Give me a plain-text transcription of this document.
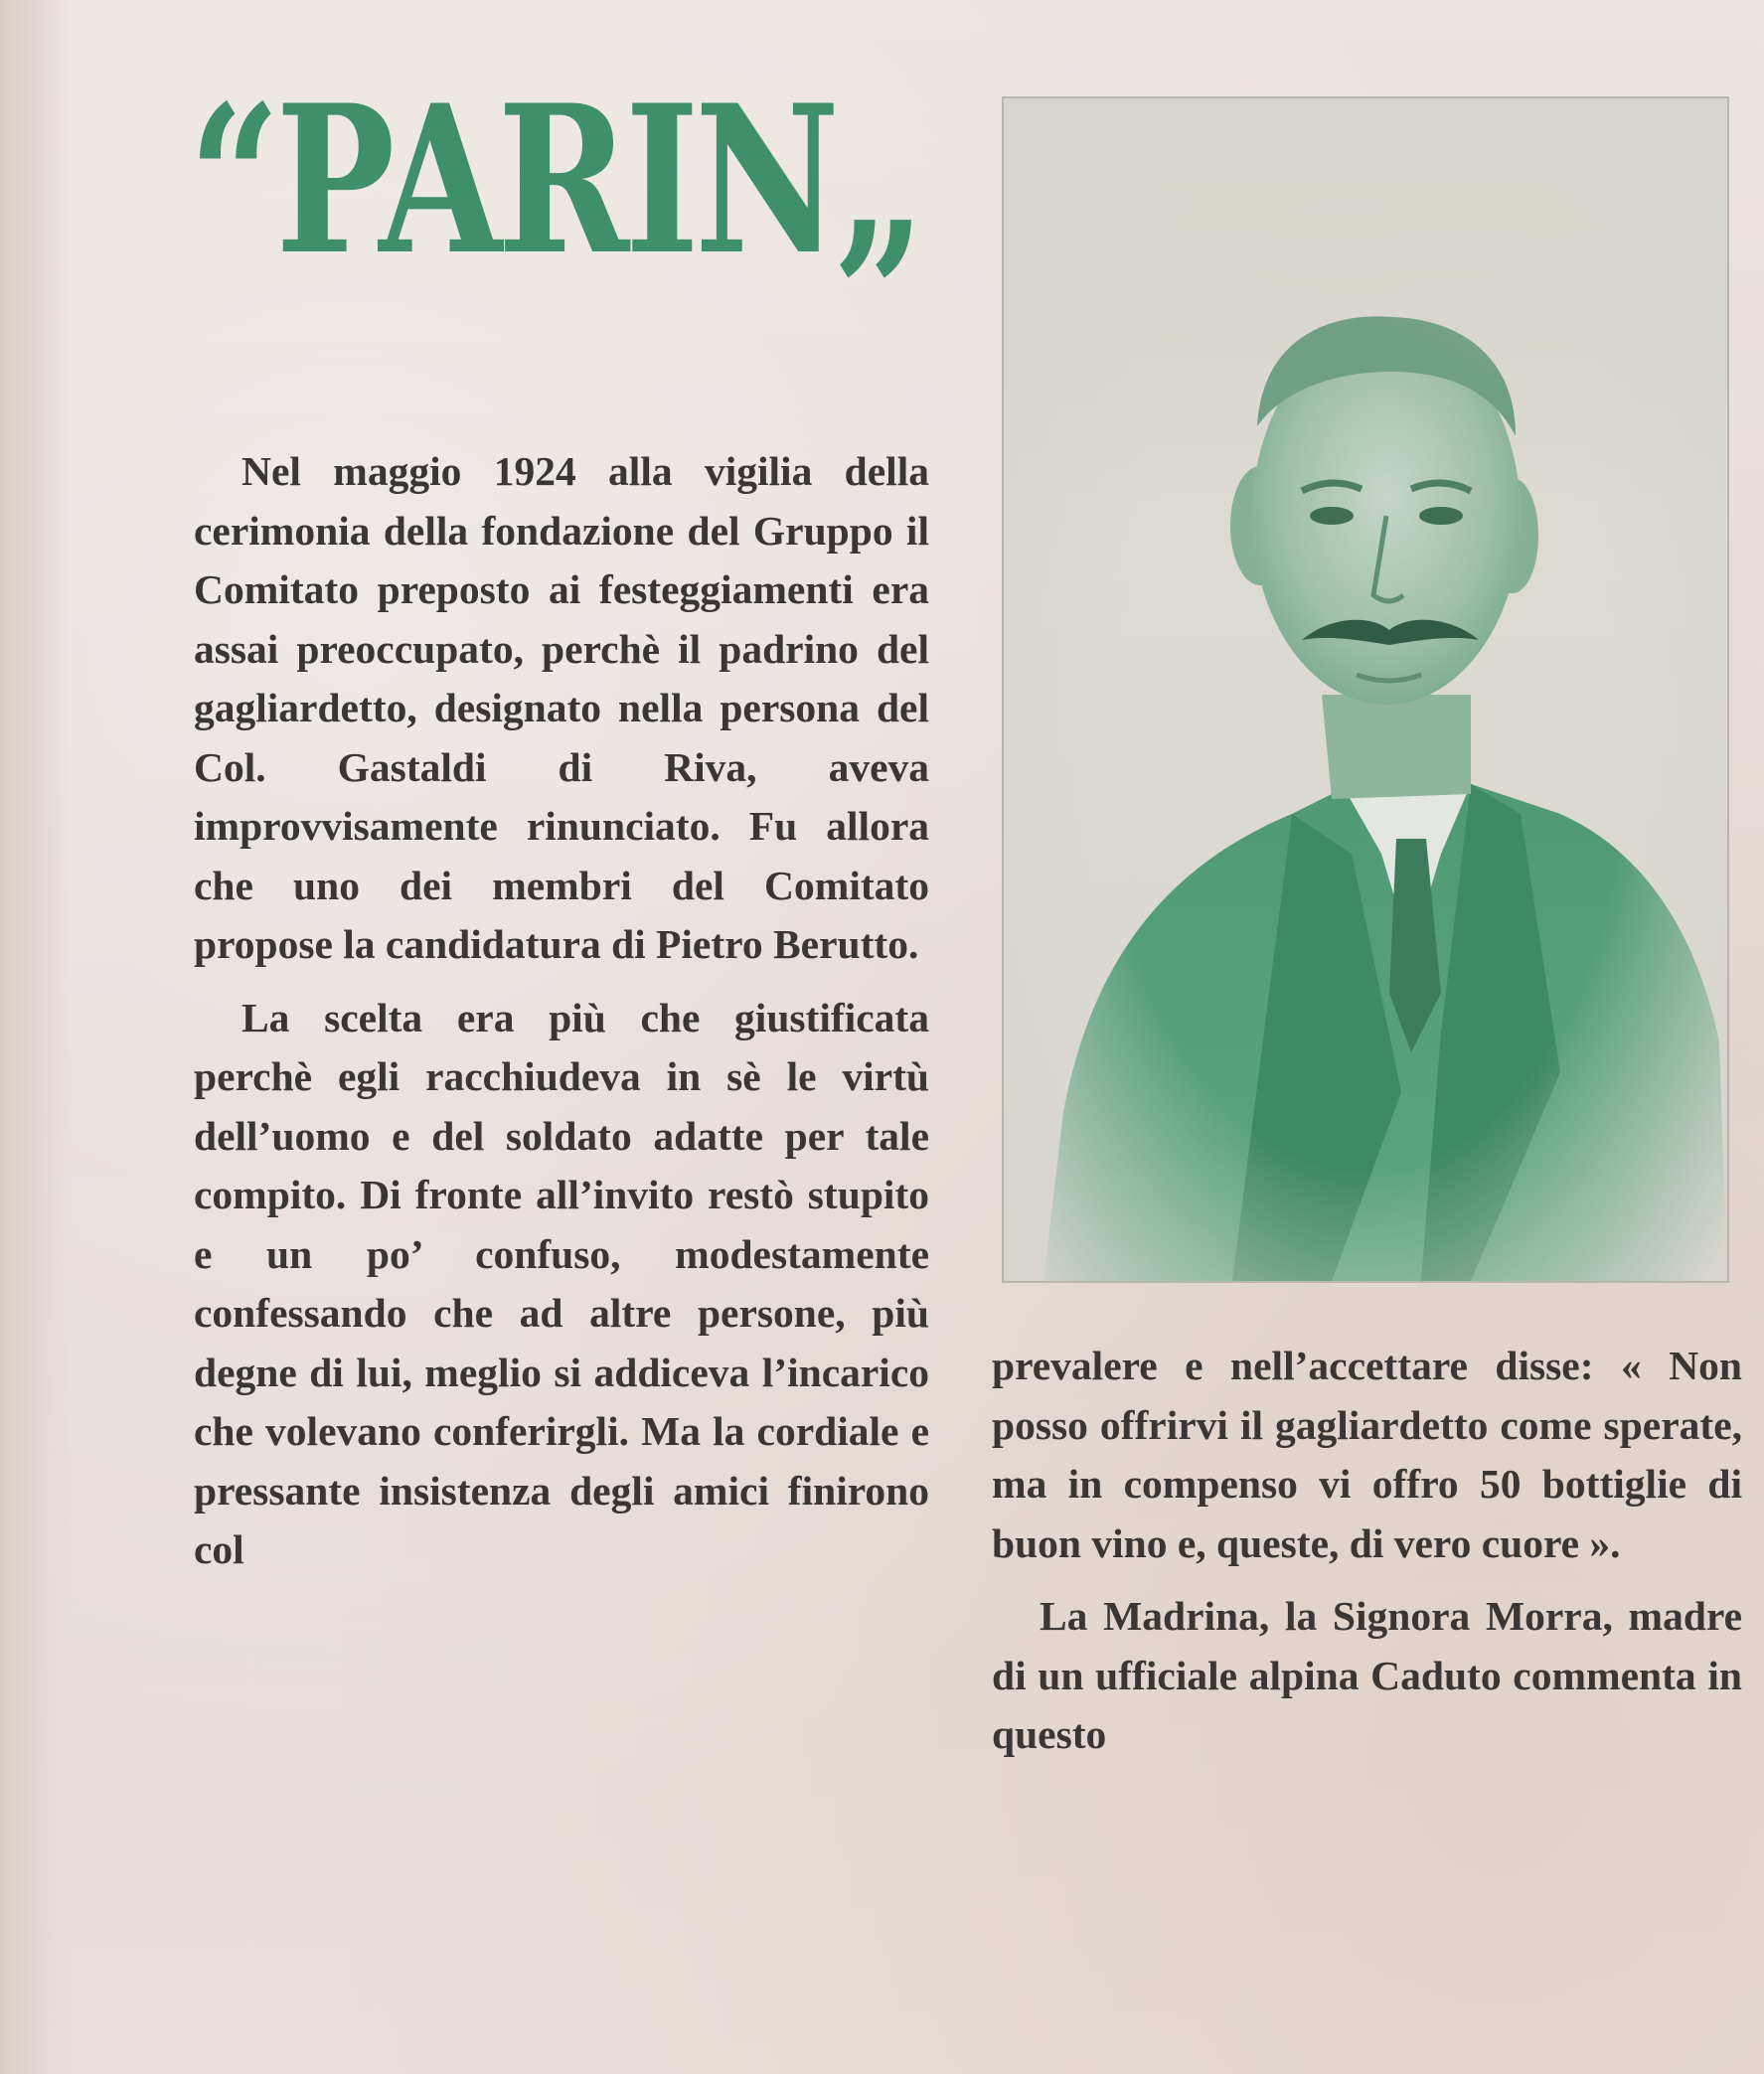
“PARIN„

Nel maggio 1924 alla vigilia della cerimonia della fondazione del Gruppo il Comitato preposto ai festeggiamenti era assai preoccupato, perchè il padrino del gagliardetto, designato nella persona del Col. Gastaldi di Riva, aveva improvvisamente rinunciato. Fu allora che uno dei membri del Comitato propose la candidatura di Pietro Berutto.

La scelta era più che giustificata perchè egli racchiudeva in sè le virtù dell’uomo e del soldato adatte per tale compito. Di fronte all’invito restò stupito e un po’ confuso, modestamente confessando che ad altre persone, più degne di lui, meglio si addiceva l’incarico che volevano conferirgli. Ma la cordiale e pressante insistenza degli amici finirono col

prevalere e nell’accettare disse: « Non posso offrirvi il gagliardetto come sperate, ma in compenso vi offro 50 bottiglie di buon vino e, queste, di vero cuore ».

La Madrina, la Signora Morra, madre di un ufficiale alpina Caduto commenta in questo
